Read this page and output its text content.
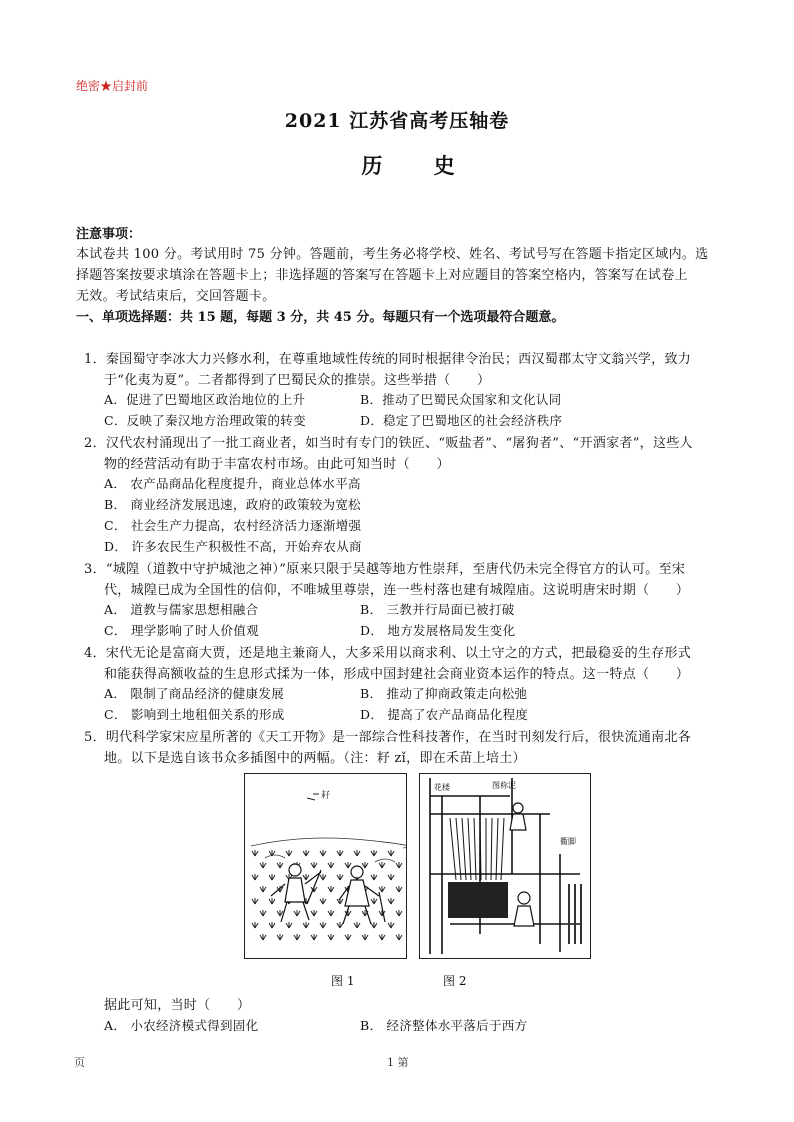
绝密★启封前
2021 江苏省高考压轴卷
历 史
注意事项：
本试卷共 100 分。考试用时 75 分钟。答题前，考生务必将学校、姓名、考试号写在答题卡指定区域内。选
择题答案按要求填涂在答题卡上；非选择题的答案写在答题卡上对应题目的答案空格内，答案写在试卷上
无效。考试结束后，交回答题卡。
一、单项选择题：共 15 题，每题 3 分，共 45 分。每题只有一个选项最符合题意。
1．秦国蜀守李冰大力兴修水利，在尊重地域性传统的同时根据律令治民；西汉蜀郡太守文翁兴学，致力
于“化夷为夏”。二者都得到了巴蜀民众的推崇。这些举措（　　）
A．促进了巴蜀地区政治地位的上升	B．推动了巴蜀民众国家和文化认同
C．反映了秦汉地方治理政策的转变	D．稳定了巴蜀地区的社会经济秩序
2．汉代农村涌现出了一批工商业者，如当时有专门的铁匠、“贩盐者”、“屠狗者”、“开酒家者”，这些人
物的经营活动有助于丰富农村市场。由此可知当时（　　）
A． 农产品商品化程度提升，商业总体水平高
B． 商业经济发展迅速，政府的政策较为宽松
C． 社会生产力提高，农村经济活力逐渐增强
D． 许多农民生产积极性不高，开始弃农从商
3．“城隍（道教中守护城池之神）”原来只限于吴越等地方性崇拜，至唐代仍未完全得官方的认可。至宋
代，城隍已成为全国性的信仰，不唯城里尊崇，连一些村落也建有城隍庙。这说明唐宋时期（　　）
A． 道教与儒家思想相融合	B． 三教并行局面已被打破
C． 理学影响了时人价值观	D． 地方发展格局发生变化
4．宋代无论是富商大贾，还是地主兼商人，大多采用以商求利、以土守之的方式，把最稳妥的生存形式
和能获得高额收益的生息形式揉为一体，形成中国封建社会商业资本运作的特点。这一特点（　　）
A． 限制了商品经济的健康发展	B． 推动了抑商政策走向松弛
C． 影响到土地租佃关系的形成	D． 提高了农产品商品化程度
5．明代科学家宋应星所著的《天工开物》是一部综合性科技著作，在当时刊刻发行后，很快流通南北各
地。以下是选自该书众多插图中的两幅。（注：耔 zǐ，即在禾苗上培土）
耔
花楼	图称泥
衢脚
图 1	图 2
据此可知，当时（　　）
A． 小农经济模式得到固化	B． 经济整体水平落后于西方
页	1 第
